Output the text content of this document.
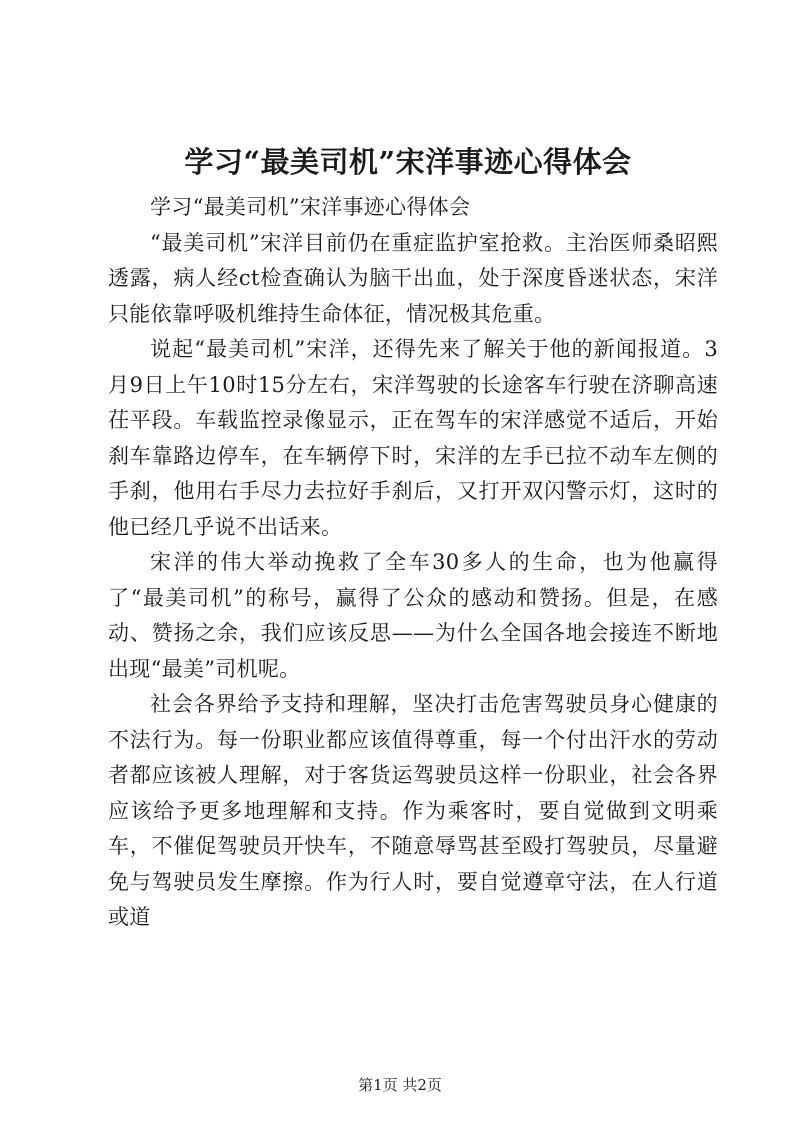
学习“最美司机”宋洋事迹心得体会

学习“最美司机”宋洋事迹心得体会

“最美司机”宋洋目前仍在重症监护室抢救。主治医师桑昭熙透露，病人经ct检查确认为脑干出血，处于深度昏迷状态，宋洋只能依靠呼吸机维持生命体征，情况极其危重。

说起“最美司机”宋洋，还得先来了解关于他的新闻报道。3月9日上午10时15分左右，宋洋驾驶的长途客车行驶在济聊高速茌平段。车载监控录像显示，正在驾车的宋洋感觉不适后，开始刹车靠路边停车，在车辆停下时，宋洋的左手已拉不动车左侧的手刹，他用右手尽力去拉好手刹后，又打开双闪警示灯，这时的他已经几乎说不出话来。

宋洋的伟大举动挽救了全车30多人的生命，也为他赢得了“最美司机”的称号，赢得了公众的感动和赞扬。但是，在感动、赞扬之余，我们应该反思——为什么全国各地会接连不断地出现“最美”司机呢。

社会各界给予支持和理解，坚决打击危害驾驶员身心健康的不法行为。每一份职业都应该值得尊重，每一个付出汗水的劳动者都应该被人理解，对于客货运驾驶员这样一份职业，社会各界应该给予更多地理解和支持。作为乘客时，要自觉做到文明乘车，不催促驾驶员开快车，不随意辱骂甚至殴打驾驶员，尽量避免与驾驶员发生摩擦。作为行人时，要自觉遵章守法，在人行道或道

第1页 共2页
